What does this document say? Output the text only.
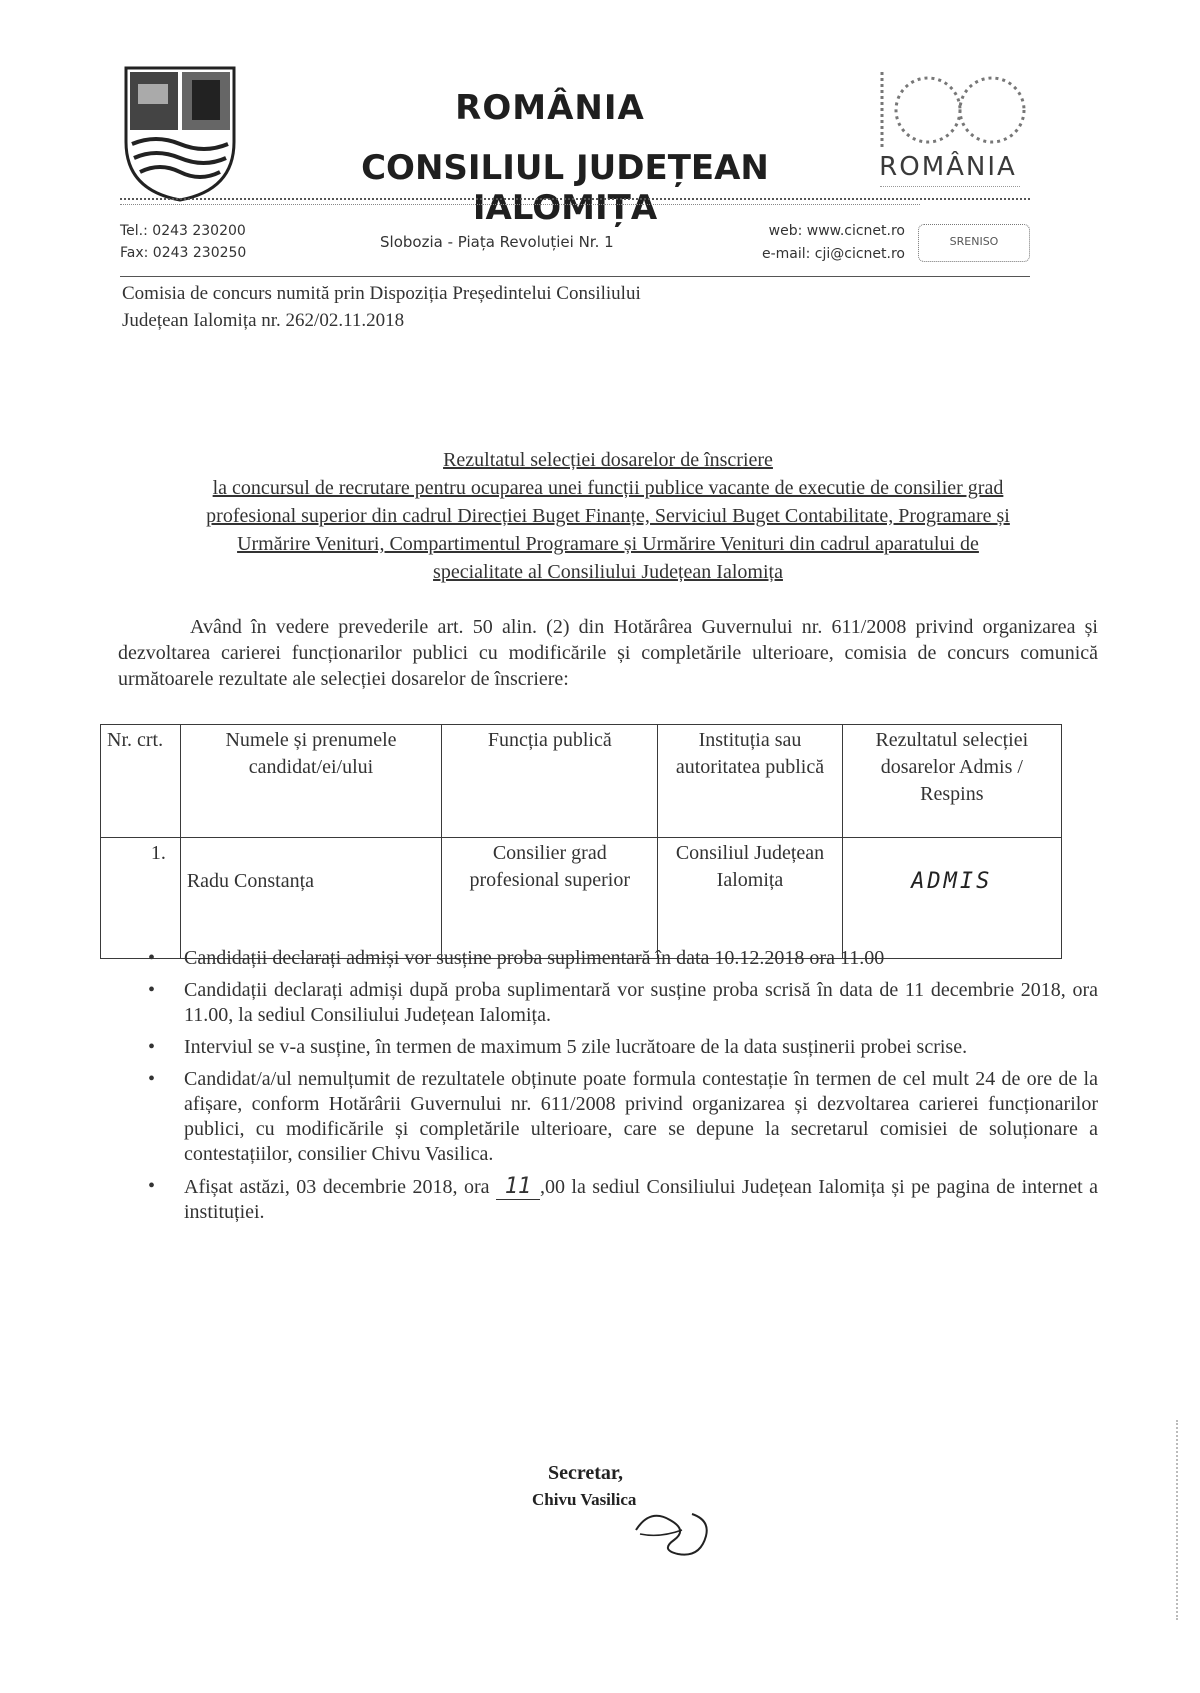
ROMÂNIA
CONSILIUL JUDEȚEAN IALOMIȚA
ROMÂNIA
Tel.: 0243 230200
Fax: 0243 230250
Slobozia - Piața Revoluției Nr. 1
web: www.cicnet.ro
e-mail: cji@cicnet.ro
SRENISO
Comisia de concurs numită prin Dispoziția Președintelui Consiliului
Județean Ialomița nr. 262/02.11.2018
Rezultatul selecției dosarelor de înscriere
la concursul de recrutare pentru ocuparea unei funcții publice vacante de executie de consilier grad
profesional superior din cadrul Direcției Buget Finanțe, Serviciul Buget Contabilitate, Programare și
Urmărire Venituri, Compartimentul Programare și Urmărire Venituri din cadrul aparatului de
specialitate al Consiliului Județean Ialomița
Având în vedere prevederile art. 50 alin. (2) din Hotărârea Guvernului nr. 611/2008 privind organizarea și dezvoltarea carierei funcționarilor publici cu modificările și completările ulterioare, comisia de concurs comunică următoarele rezultate ale selecției dosarelor de înscriere:
Nr. crt.	Numele și prenumele candidat/ei/ului	Funcția publică	Instituția sau autoritatea publică	Rezultatul selecției dosarelor Admis / Respins
1.	Radu Constanța	Consilier grad profesional superior	Consiliul Județean Ialomița	ADMIS
• Candidații declarați admiși vor susține proba suplimentară în data 10.12.2018 ora 11.00
• Candidații declarați admiși după proba suplimentară vor susține proba scrisă în data de 11 decembrie 2018, ora 11.00, la sediul Consiliului Județean Ialomița.
• Interviul se v-a susține, în termen de maximum 5 zile lucrătoare de la data susținerii probei scrise.
• Candidat/a/ul nemulțumit de rezultatele obținute poate formula contestație în termen de cel mult 24 de ore de la afișare, conform Hotărârii Guvernului nr. 611/2008 privind organizarea și dezvoltarea carierei funcționarilor publici, cu modificările și completările ulterioare, care se depune la secretarul comisiei de soluționare a contestațiilor, consilier Chivu Vasilica.
• Afișat astăzi, 03 decembrie 2018, ora 11 ,00 la sediul Consiliului Județean Ialomița și pe pagina de internet a instituției.
Secretar,
Chivu Vasilica
